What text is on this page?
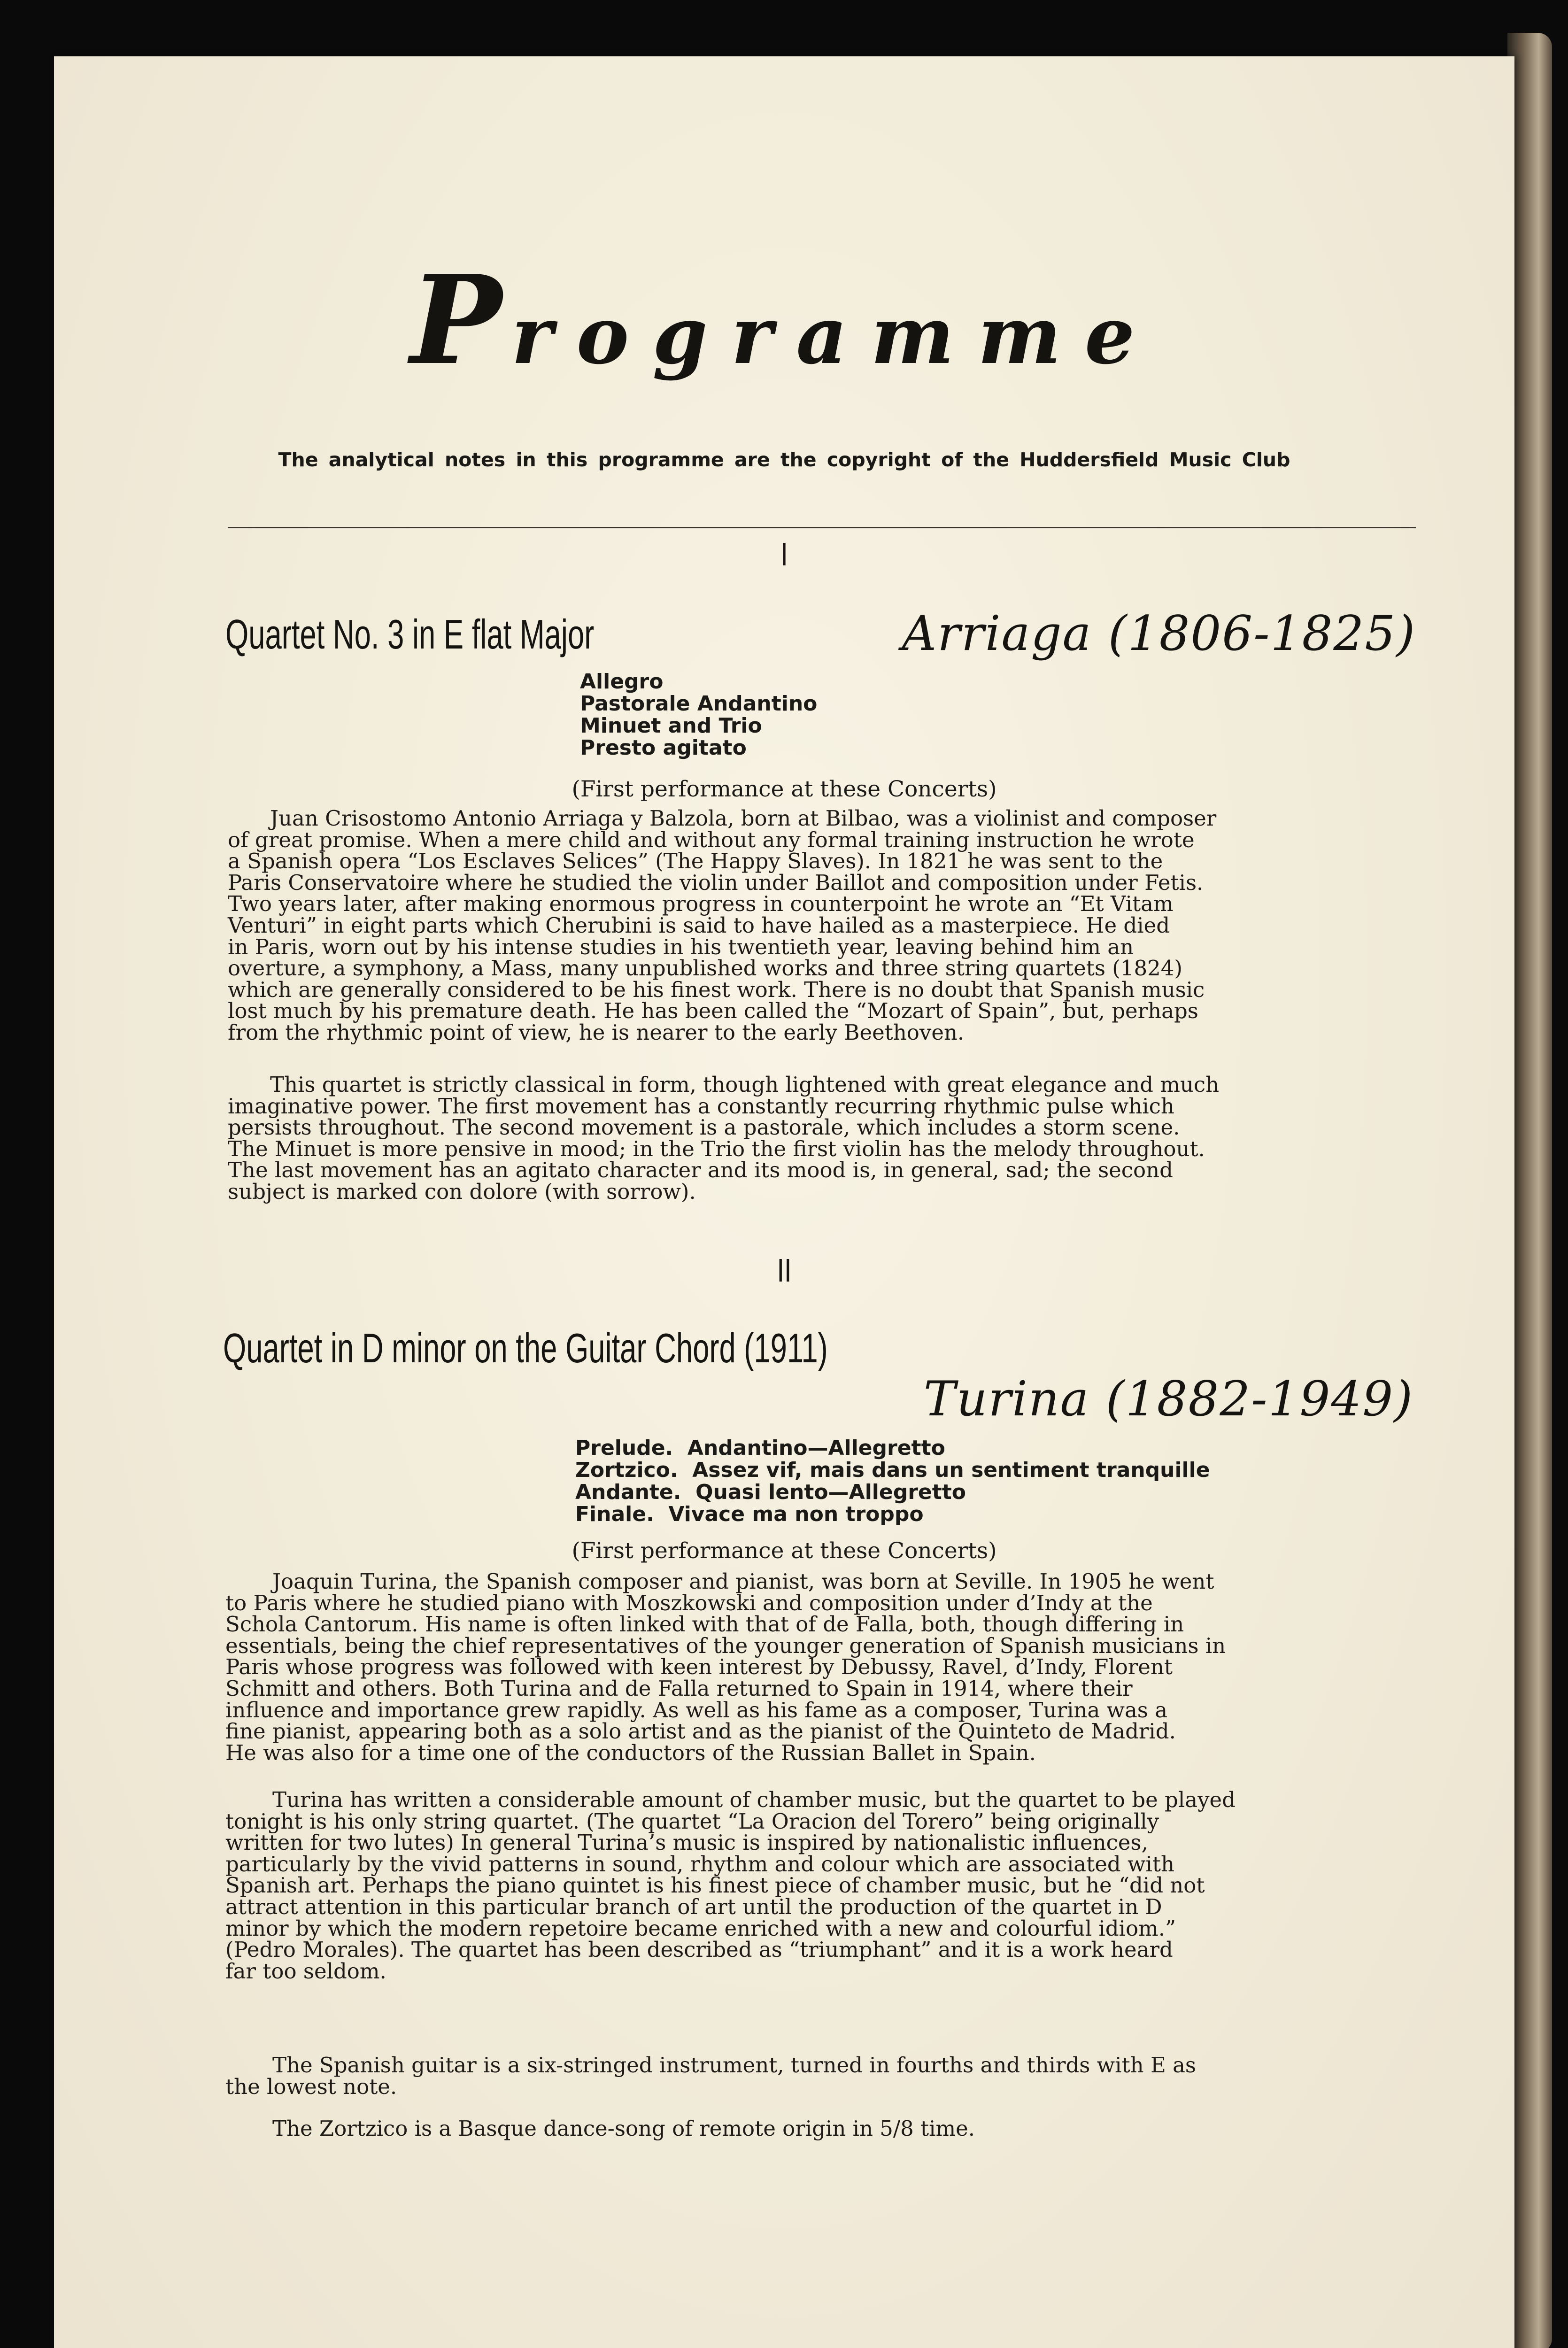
Programme
The analytical notes in this programme are the copyright of the Huddersfield Music Club
I
Quartet No. 3 in E flat Major	Arriaga (1806-1825)
Allegro
Pastorale Andantino
Minuet and Trio
Presto agitato
(First performance at these Concerts)
Juan Crisostomo Antonio Arriaga y Balzola, born at Bilbao, was a violinist and composer
of great promise. When a mere child and without any formal training instruction he wrote
a Spanish opera “Los Esclaves Selices” (The Happy Slaves). In 1821 he was sent to the
Paris Conservatoire where he studied the violin under Baillot and composition under Fetis.
Two years later, after making enormous progress in counterpoint he wrote an “Et Vitam
Venturi” in eight parts which Cherubini is said to have hailed as a masterpiece. He died
in Paris, worn out by his intense studies in his twentieth year, leaving behind him an
overture, a symphony, a Mass, many unpublished works and three string quartets (1824)
which are generally considered to be his finest work. There is no doubt that Spanish music
lost much by his premature death. He has been called the “Mozart of Spain”, but, perhaps
from the rhythmic point of view, he is nearer to the early Beethoven.
This quartet is strictly classical in form, though lightened with great elegance and much
imaginative power. The first movement has a constantly recurring rhythmic pulse which
persists throughout. The second movement is a pastorale, which includes a storm scene.
The Minuet is more pensive in mood; in the Trio the first violin has the melody throughout.
The last movement has an agitato character and its mood is, in general, sad; the second
subject is marked con dolore (with sorrow).
II
Quartet in D minor on the Guitar Chord (1911)
Turina (1882-1949)
Prelude.  Andantino—Allegretto
Zortzico.  Assez vif, mais dans un sentiment tranquille
Andante.  Quasi lento—Allegretto
Finale.  Vivace ma non troppo
(First performance at these Concerts)
Joaquin Turina, the Spanish composer and pianist, was born at Seville. In 1905 he went
to Paris where he studied piano with Moszkowski and composition under d’Indy at the
Schola Cantorum. His name is often linked with that of de Falla, both, though differing in
essentials, being the chief representatives of the younger generation of Spanish musicians in
Paris whose progress was followed with keen interest by Debussy, Ravel, d’Indy, Florent
Schmitt and others. Both Turina and de Falla returned to Spain in 1914, where their
influence and importance grew rapidly. As well as his fame as a composer, Turina was a
fine pianist, appearing both as a solo artist and as the pianist of the Quinteto de Madrid.
He was also for a time one of the conductors of the Russian Ballet in Spain.
Turina has written a considerable amount of chamber music, but the quartet to be played
tonight is his only string quartet. (The quartet “La Oracion del Torero” being originally
written for two lutes) In general Turina’s music is inspired by nationalistic influences,
particularly by the vivid patterns in sound, rhythm and colour which are associated with
Spanish art. Perhaps the piano quintet is his finest piece of chamber music, but he “did not
attract attention in this particular branch of art until the production of the quartet in D
minor by which the modern repetoire became enriched with a new and colourful idiom.”
(Pedro Morales). The quartet has been described as “triumphant” and it is a work heard
far too seldom.
The Spanish guitar is a six-stringed instrument, turned in fourths and thirds with E as
the lowest note.
The Zortzico is a Basque dance-song of remote origin in 5/8 time.
